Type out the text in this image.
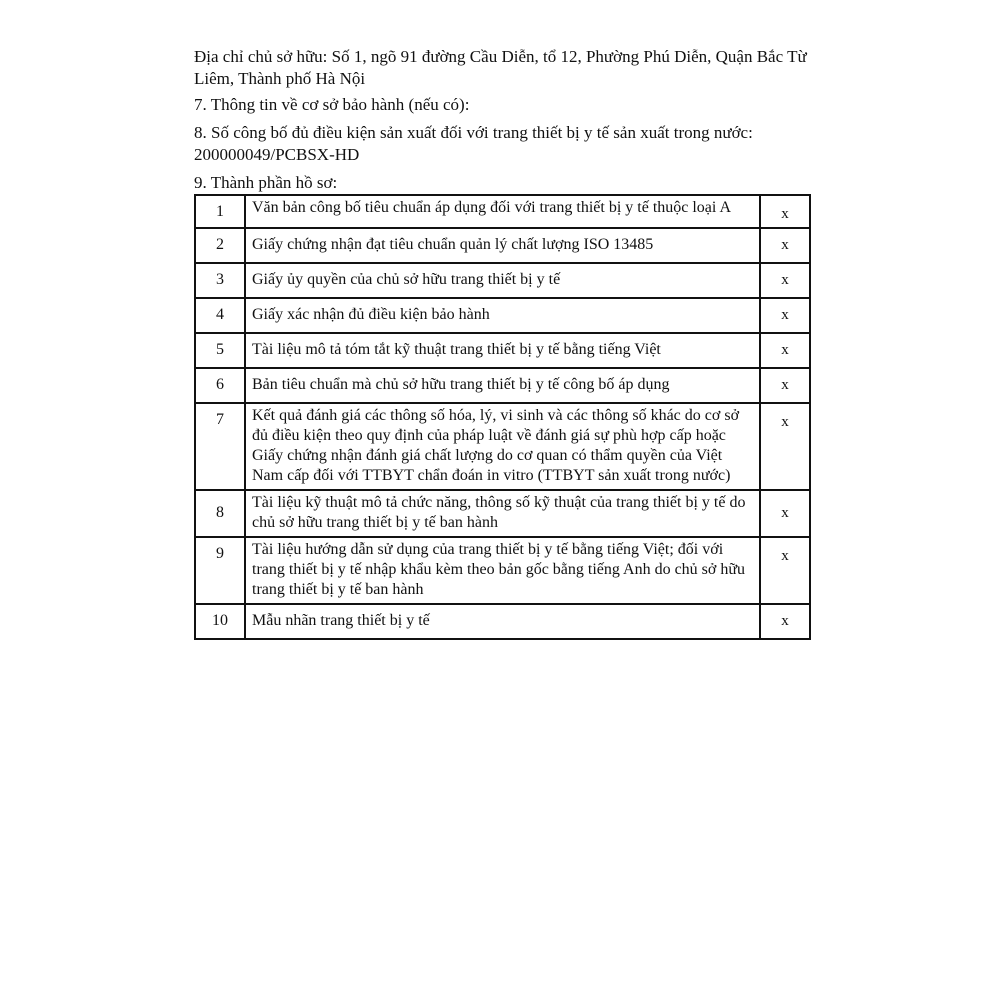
Địa chỉ chủ sở hữu: Số 1, ngõ 91 đường Cầu Diễn, tổ 12, Phường Phú Diễn, Quận Bắc Từ Liêm, Thành phố Hà Nội

7. Thông tin về cơ sở bảo hành (nếu có):

8. Số công bố đủ điều kiện sản xuất đối với trang thiết bị y tế sản xuất trong nước: 200000049/PCBSX-HD

9. Thành phần hồ sơ:

1	Văn bản công bố tiêu chuẩn áp dụng đối với trang thiết bị y tế thuộc loại A	x
2	Giấy chứng nhận đạt tiêu chuẩn quản lý chất lượng ISO 13485	x
3	Giấy ủy quyền của chủ sở hữu trang thiết bị y tế	x
4	Giấy xác nhận đủ điều kiện bảo hành	x
5	Tài liệu mô tả tóm tắt kỹ thuật trang thiết bị y tế bằng tiếng Việt	x
6	Bản tiêu chuẩn mà chủ sở hữu trang thiết bị y tế công bố áp dụng	x
7	Kết quả đánh giá các thông số hóa, lý, vi sinh và các thông số khác do cơ sở đủ điều kiện theo quy định của pháp luật về đánh giá sự phù hợp cấp hoặc Giấy chứng nhận đánh giá chất lượng do cơ quan có thẩm quyền của Việt Nam cấp đối với TTBYT chẩn đoán in vitro (TTBYT sản xuất trong nước)	x
8	Tài liệu kỹ thuật mô tả chức năng, thông số kỹ thuật của trang thiết bị y tế do chủ sở hữu trang thiết bị y tế ban hành	x
9	Tài liệu hướng dẫn sử dụng của trang thiết bị y tế bằng tiếng Việt; đối với trang thiết bị y tế nhập khẩu kèm theo bản gốc bằng tiếng Anh do chủ sở hữu trang thiết bị y tế ban hành	x
10	Mẫu nhãn trang thiết bị y tế	x
